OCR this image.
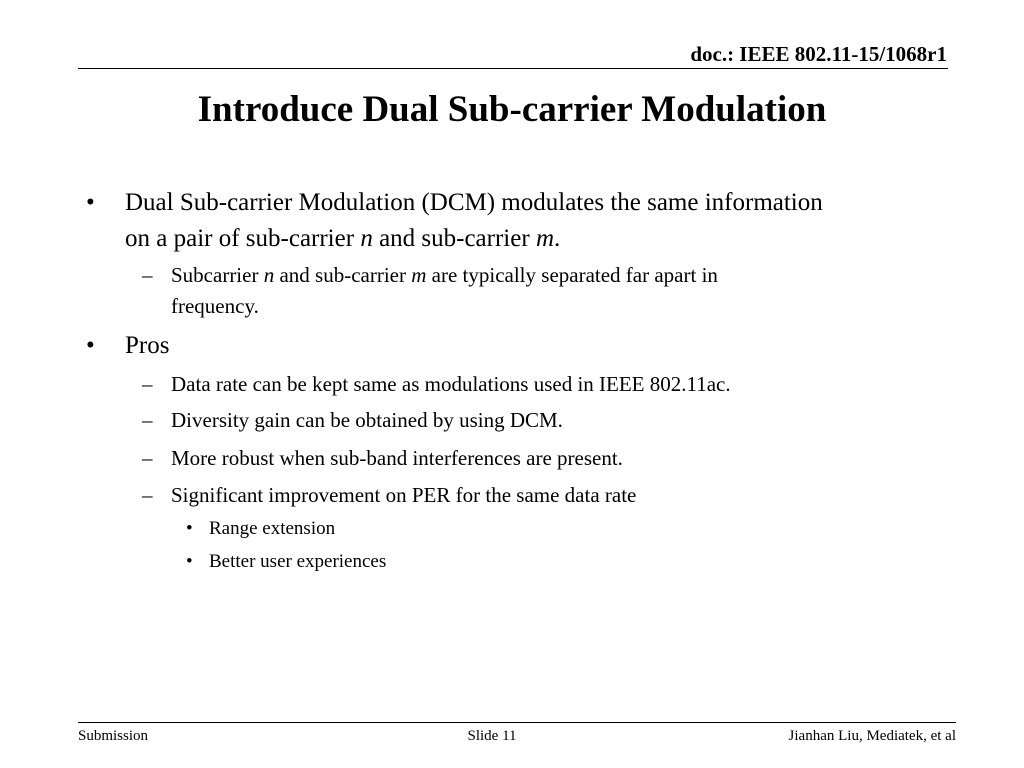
doc.: IEEE 802.11-15/1068r1
Introduce Dual Sub-carrier Modulation
• Dual Sub-carrier Modulation (DCM) modulates the same information
on a pair of sub-carrier n and sub-carrier m.
– Subcarrier n and sub-carrier m are typically separated far apart in
frequency.
• Pros
– Data rate can be kept same as modulations used in IEEE 802.11ac.
– Diversity gain can be obtained by using DCM.
– More robust when sub-band interferences are present.
– Significant improvement on PER for the same data rate
• Range extension
• Better user experiences
Submission	Slide 11	Jianhan Liu, Mediatek, et al
